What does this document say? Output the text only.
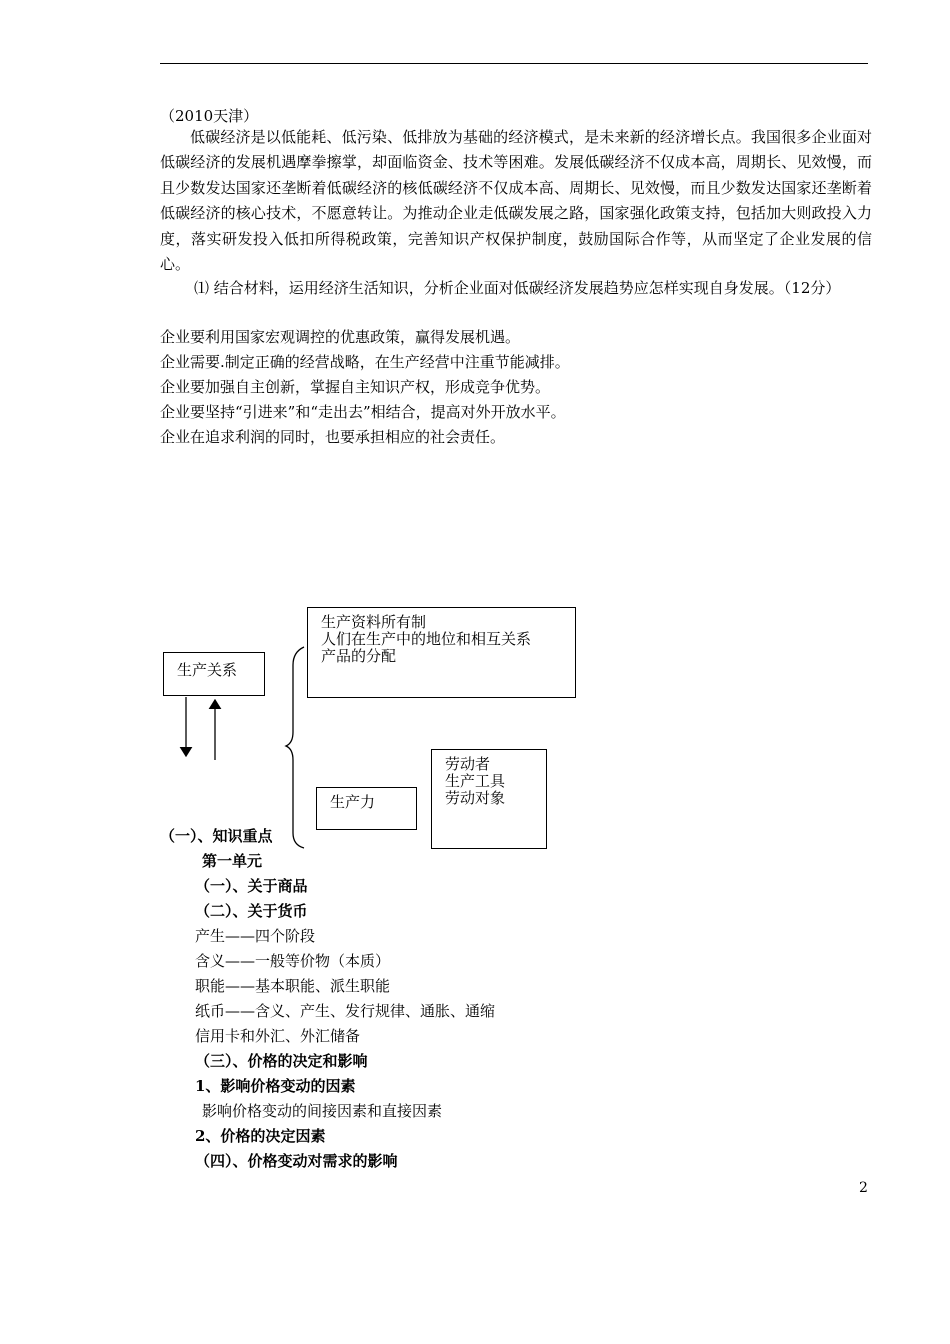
（2010天津）
低碳经济是以低能耗、低污染、低排放为基础的经济模式，是未来新的经济增长点。我国很多企业面对低碳经济的发展机遇摩拳擦掌，却面临资金、技术等困难。发展低碳经济不仅成本高，周期长、见效慢，而且少数发达国家还垄断着低碳经济的核低碳经济不仅成本高、周期长、见效慢，而且少数发达国家还垄断着低碳经济的核心技术，不愿意转让。为推动企业走低碳发展之路，国家强化政策支持，包括加大则政投入力度，落实研发投入低扣所得税政策，完善知识产权保护制度，鼓励国际合作等，从而坚定了企业发展的信心。
⑴ 结合材料，运用经济生活知识，分析企业面对低碳经济发展趋势应怎样实现自身发展。（12分）
企业要利用国家宏观调控的优惠政策，赢得发展机遇。
企业需要.制定正确的经营战略，在生产经营中注重节能减排。
企业要加强自主创新，掌握自主知识产权，形成竞争优势。
企业要坚持“引进来”和“走出去”相结合，提高对外开放水平。
企业在追求利润的同时，也要承担相应的社会责任。
生产关系
生产资料所有制
人们在生产中的地位和相互关系
产品的分配
生产力
劳动者
生产工具
劳动对象
（一）、知识重点
第一单元
（一）、关于商品
（二）、关于货币
产生——四个阶段
含义——一般等价物（本质）
职能——基本职能、派生职能
纸币——含义、产生、发行规律、通胀、通缩
信用卡和外汇、外汇储备
（三）、价格的决定和影响
1、影响价格变动的因素
影响价格变动的间接因素和直接因素
2、价格的决定因素
（四）、价格变动对需求的影响
2
